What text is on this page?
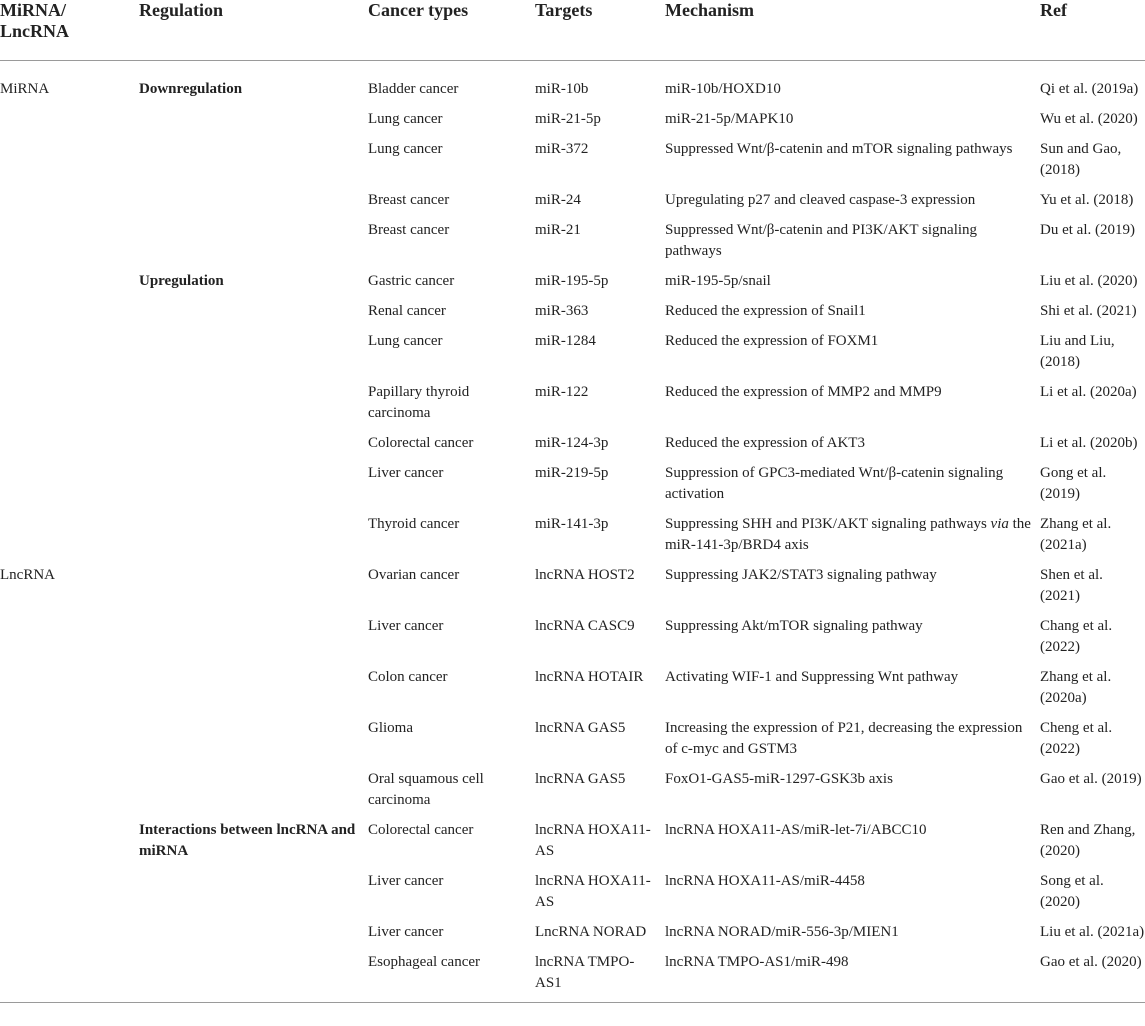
MiRNA/ LncRNA	Regulation	Cancer types	Targets	Mechanism	Ref
MiRNA	Downregulation	Bladder cancer	miR-10b	miR-10b/HOXD10	Qi et al. (2019a)
		Lung cancer	miR-21-5p	miR-21-5p/MAPK10	Wu et al. (2020)
		Lung cancer	miR-372	Suppressed Wnt/β-catenin and mTOR signaling pathways	Sun and Gao, (2018)
		Breast cancer	miR-24	Upregulating p27 and cleaved caspase-3 expression	Yu et al. (2018)
		Breast cancer	miR-21	Suppressed Wnt/β-catenin and PI3K/AKT signaling pathways	Du et al. (2019)
	Upregulation	Gastric cancer	miR-195-5p	miR-195-5p/snail	Liu et al. (2020)
		Renal cancer	miR-363	Reduced the expression of Snail1	Shi et al. (2021)
		Lung cancer	miR-1284	Reduced the expression of FOXM1	Liu and Liu, (2018)
		Papillary thyroid carcinoma	miR-122	Reduced the expression of MMP2 and MMP9	Li et al. (2020a)
		Colorectal cancer	miR-124-3p	Reduced the expression of AKT3	Li et al. (2020b)
		Liver cancer	miR-219-5p	Suppression of GPC3-mediated Wnt/β-catenin signaling activation	Gong et al. (2019)
		Thyroid cancer	miR-141-3p	Suppressing SHH and PI3K/AKT signaling pathways via the miR-141-3p/BRD4 axis	Zhang et al. (2021a)
LncRNA		Ovarian cancer	lncRNA HOST2	Suppressing JAK2/STAT3 signaling pathway	Shen et al. (2021)
		Liver cancer	lncRNA CASC9	Suppressing Akt/mTOR signaling pathway	Chang et al. (2022)
		Colon cancer	lncRNA HOTAIR	Activating WIF-1 and Suppressing Wnt pathway	Zhang et al. (2020a)
		Glioma	lncRNA GAS5	Increasing the expression of P21, decreasing the expression of c-myc and GSTM3	Cheng et al. (2022)
		Oral squamous cell carcinoma	lncRNA GAS5	FoxO1-GAS5-miR-1297-GSK3b axis	Gao et al. (2019)
	Interactions between lncRNA and miRNA	Colorectal cancer	lncRNA HOXA11-AS	lncRNA HOXA11-AS/miR-let-7i/ABCC10	Ren and Zhang, (2020)
		Liver cancer	lncRNA HOXA11-AS	lncRNA HOXA11-AS/miR-4458	Song et al. (2020)
		Liver cancer	LncRNA NORAD	lncRNA NORAD/miR-556-3p/MIEN1	Liu et al. (2021a)
		Esophageal cancer	lncRNA TMPO-AS1	lncRNA TMPO-AS1/miR-498	Gao et al. (2020)
